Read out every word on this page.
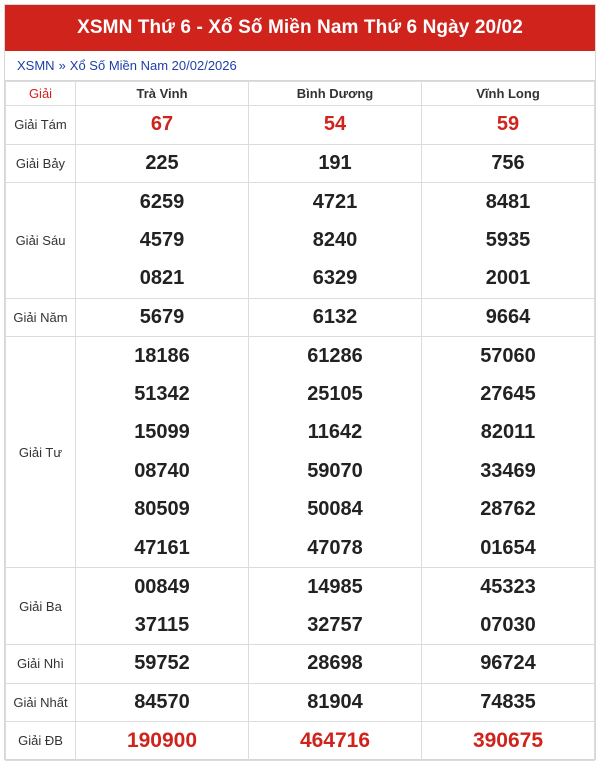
XSMN Thứ 6 - Xổ Số Miền Nam Thứ 6 Ngày 20/02
XSMN » Xổ Số Miền Nam 20/02/2026
Giải	Trà Vinh	Bình Dương	Vĩnh Long
Giải Tám	67	54	59
Giải Bảy	225	191	756
Giải Sáu	6259	4721	8481
	4579	8240	5935
	0821	6329	2001
Giải Năm	5679	6132	9664
Giải Tư	18186	61286	57060
	51342	25105	27645
	15099	11642	82011
	08740	59070	33469
	80509	50084	28762
	47161	47078	01654
Giải Ba	00849	14985	45323
	37115	32757	07030
Giải Nhì	59752	28698	96724
Giải Nhất	84570	81904	74835
Giải ĐB	190900	464716	390675
